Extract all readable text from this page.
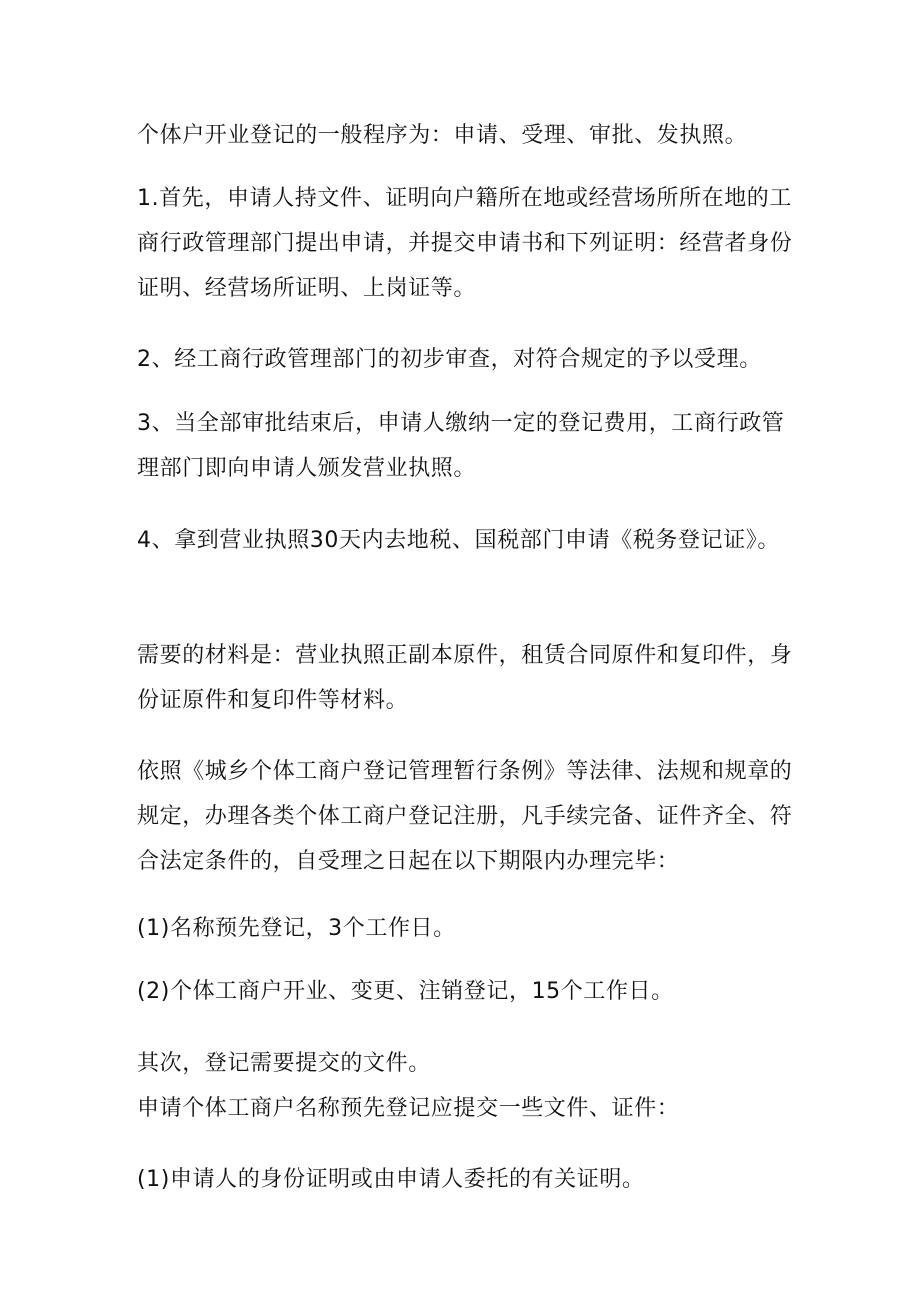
个体户开业登记的一般程序为：申请、受理、审批、发执照。

1.首先，申请人持文件、证明向户籍所在地或经营场所所在地的工商行政管理部门提出申请，并提交申请书和下列证明：经营者身份证明、经营场所证明、上岗证等。

2、经工商行政管理部门的初步审查，对符合规定的予以受理。

3、当全部审批结束后，申请人缴纳一定的登记费用，工商行政管理部门即向申请人颁发营业执照。

4、拿到营业执照30天内去地税、国税部门申请《税务登记证》。

需要的材料是：营业执照正副本原件，租赁合同原件和复印件，身份证原件和复印件等材料。

依照《城乡个体工商户登记管理暂行条例》等法律、法规和规章的规定，办理各类个体工商户登记注册，凡手续完备、证件齐全、符合法定条件的，自受理之日起在以下期限内办理完毕：

(1)名称预先登记，3个工作日。

(2)个体工商户开业、变更、注销登记，15个工作日。

其次，登记需要提交的文件。

申请个体工商户名称预先登记应提交一些文件、证件：

(1)申请人的身份证明或由申请人委托的有关证明。
